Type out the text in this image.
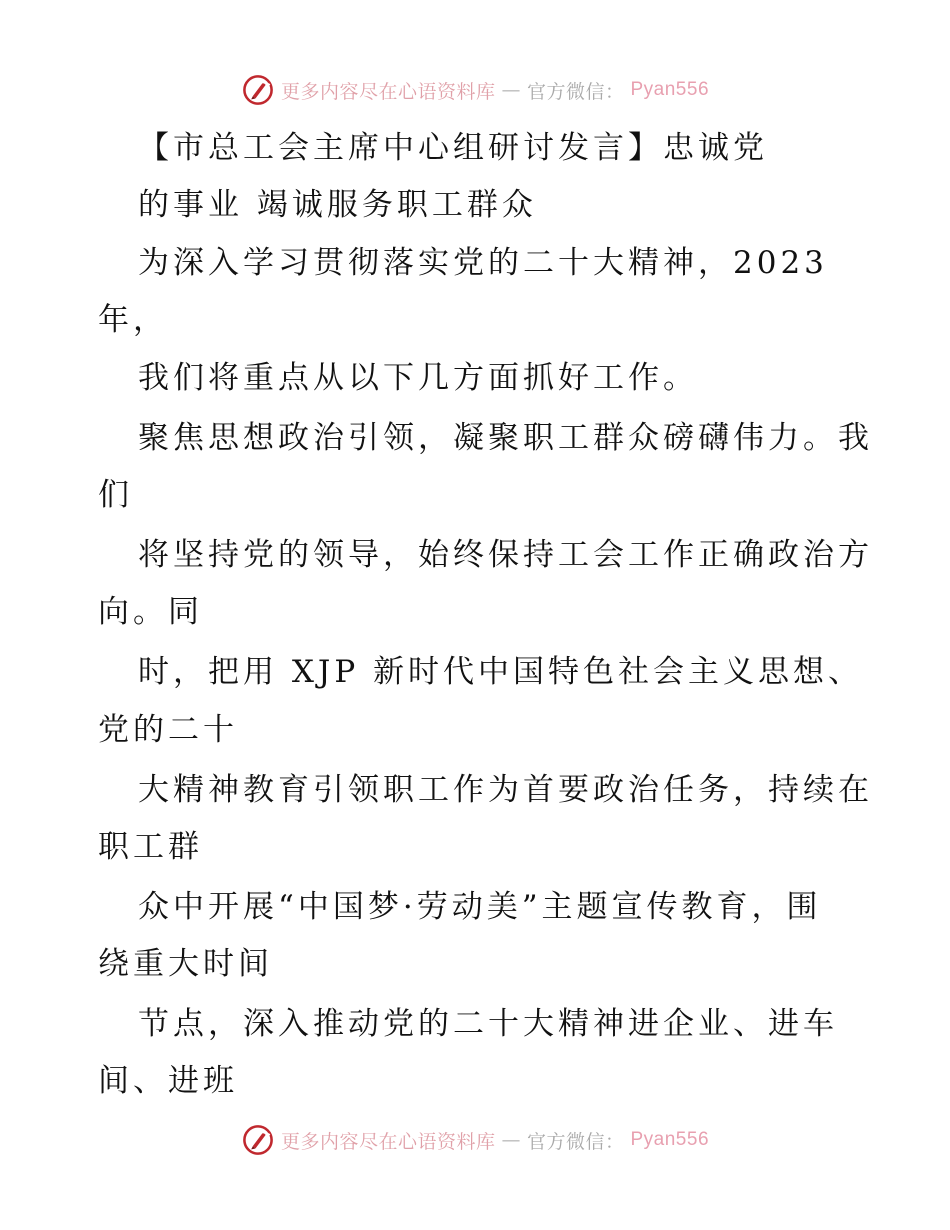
更多内容尽在心语资料库 — 官方微信： Pyan556
【市总工会主席中心组研讨发言】忠诚党
的事业 竭诚服务职工群众
为深入学习贯彻落实党的二十大精神，2023
年，
我们将重点从以下几方面抓好工作。
聚焦思想政治引领，凝聚职工群众磅礴伟力。我
们
将坚持党的领导，始终保持工会工作正确政治方
向。同
时，把用 XJP 新时代中国特色社会主义思想、
党的二十
大精神教育引领职工作为首要政治任务，持续在
职工群
众中开展“中国梦·劳动美”主题宣传教育，围
绕重大时间
节点，深入推动党的二十大精神进企业、进车
间、进班
更多内容尽在心语资料库 — 官方微信： Pyan556
